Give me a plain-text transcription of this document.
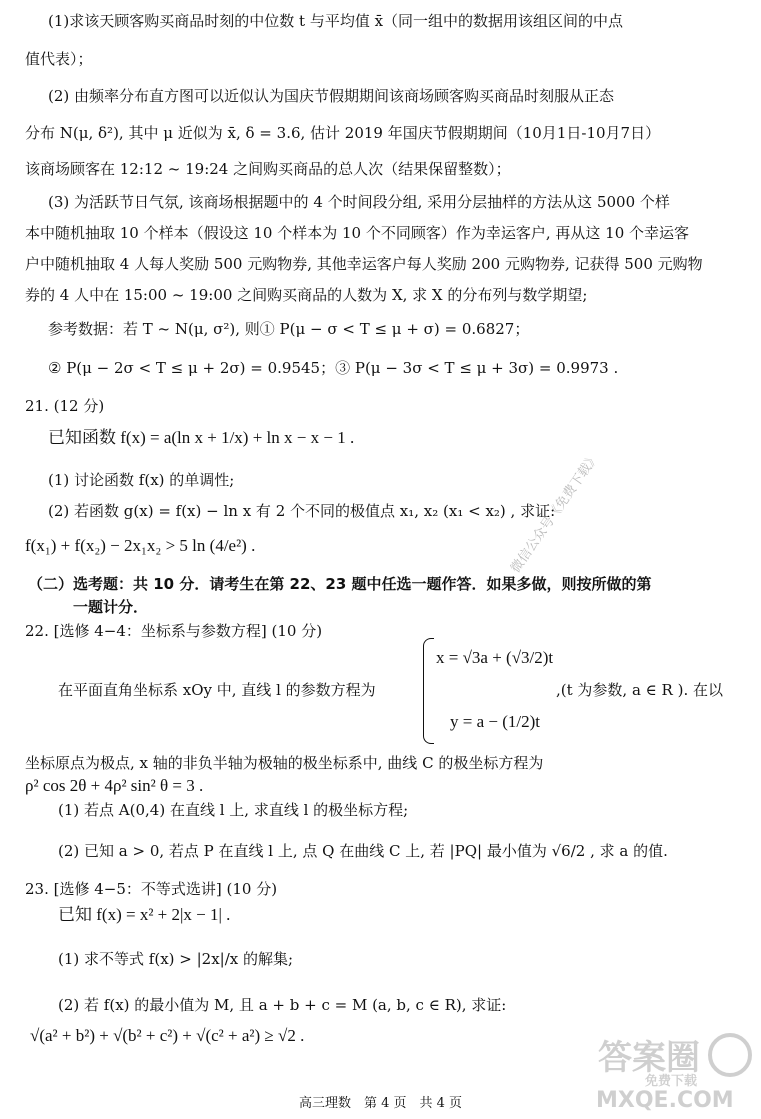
(1)求该天顾客购买商品时刻的中位数 t 与平均值 x̄（同一组中的数据用该组区间的中点
值代表）；
(2) 由频率分布直方图可以近似认为国庆节假期期间该商场顾客购买商品时刻服从正态
分布 N(μ, δ²), 其中 μ 近似为 x̄, δ = 3.6, 估计 2019 年国庆节假期期间（10月1日-10月7日）
该商场顾客在 12:12 ~ 19:24 之间购买商品的总人次（结果保留整数）；
(3) 为活跃节日气氛, 该商场根据题中的 4 个时间段分组, 采用分层抽样的方法从这 5000 个样
本中随机抽取 10 个样本（假设这 10 个样本为 10 个不同顾客）作为幸运客户, 再从这 10 个幸运客
户中随机抽取 4 人每人奖励 500 元购物券, 其他幸运客户每人奖励 200 元购物券, 记获得 500 元购物
券的 4 人中在 15:00 ~ 19:00 之间购买商品的人数为 X, 求 X 的分布列与数学期望;
参考数据：若 T ~ N(μ, σ²), 则① P(μ − σ < T ≤ μ + σ) = 0.6827；
② P(μ − 2σ < T ≤ μ + 2σ) = 0.9545；③ P(μ − 3σ < T ≤ μ + 3σ) = 0.9973 .
21. (12 分)
已知函数 f(x) = a(ln x + 1/x) + ln x − x − 1 .
(1) 讨论函数 f(x) 的单调性;
(2) 若函数 g(x) = f(x) − ln x 有 2 个不同的极值点 x₁, x₂ (x₁ < x₂) , 求证:
f(x₁) + f(x₂) − 2x₁x₂ > 5 ln (4/e²) .
（二）选考题：共 10 分．请考生在第 22、23 题中任选一题作答．如果多做，则按所做的第
一题计分．
22. [选修 4−4：坐标系与参数方程] (10 分)
在平面直角坐标系 xOy 中, 直线 l 的参数方程为
x = √3a + (√3/2)t
y = a − (1/2)t
,(t 为参数, a ∈ R ). 在以
坐标原点为极点, x 轴的非负半轴为极轴的极坐标系中, 曲线 C 的极坐标方程为
ρ² cos 2θ + 4ρ² sin² θ = 3 .
(1) 若点 A(0,4) 在直线 l 上, 求直线 l 的极坐标方程;
(2) 已知 a > 0, 若点 P 在直线 l 上, 点 Q 在曲线 C 上, 若 |PQ| 最小值为 √6/2 , 求 a 的值.
23. [选修 4−5：不等式选讲] (10 分)
已知 f(x) = x² + 2|x − 1| .
(1) 求不等式 f(x) > |2x|/x 的解集;
(2) 若 f(x) 的最小值为 M, 且 a + b + c = M (a, b, c ∈ R), 求证:
√(a² + b²) + √(b² + c²) + √(c² + a²) ≥ √2 .
微信公众号《免费下载》
答案圈
MXQE.COM
免费下载
高三理数　第 4 页　共 4 页
